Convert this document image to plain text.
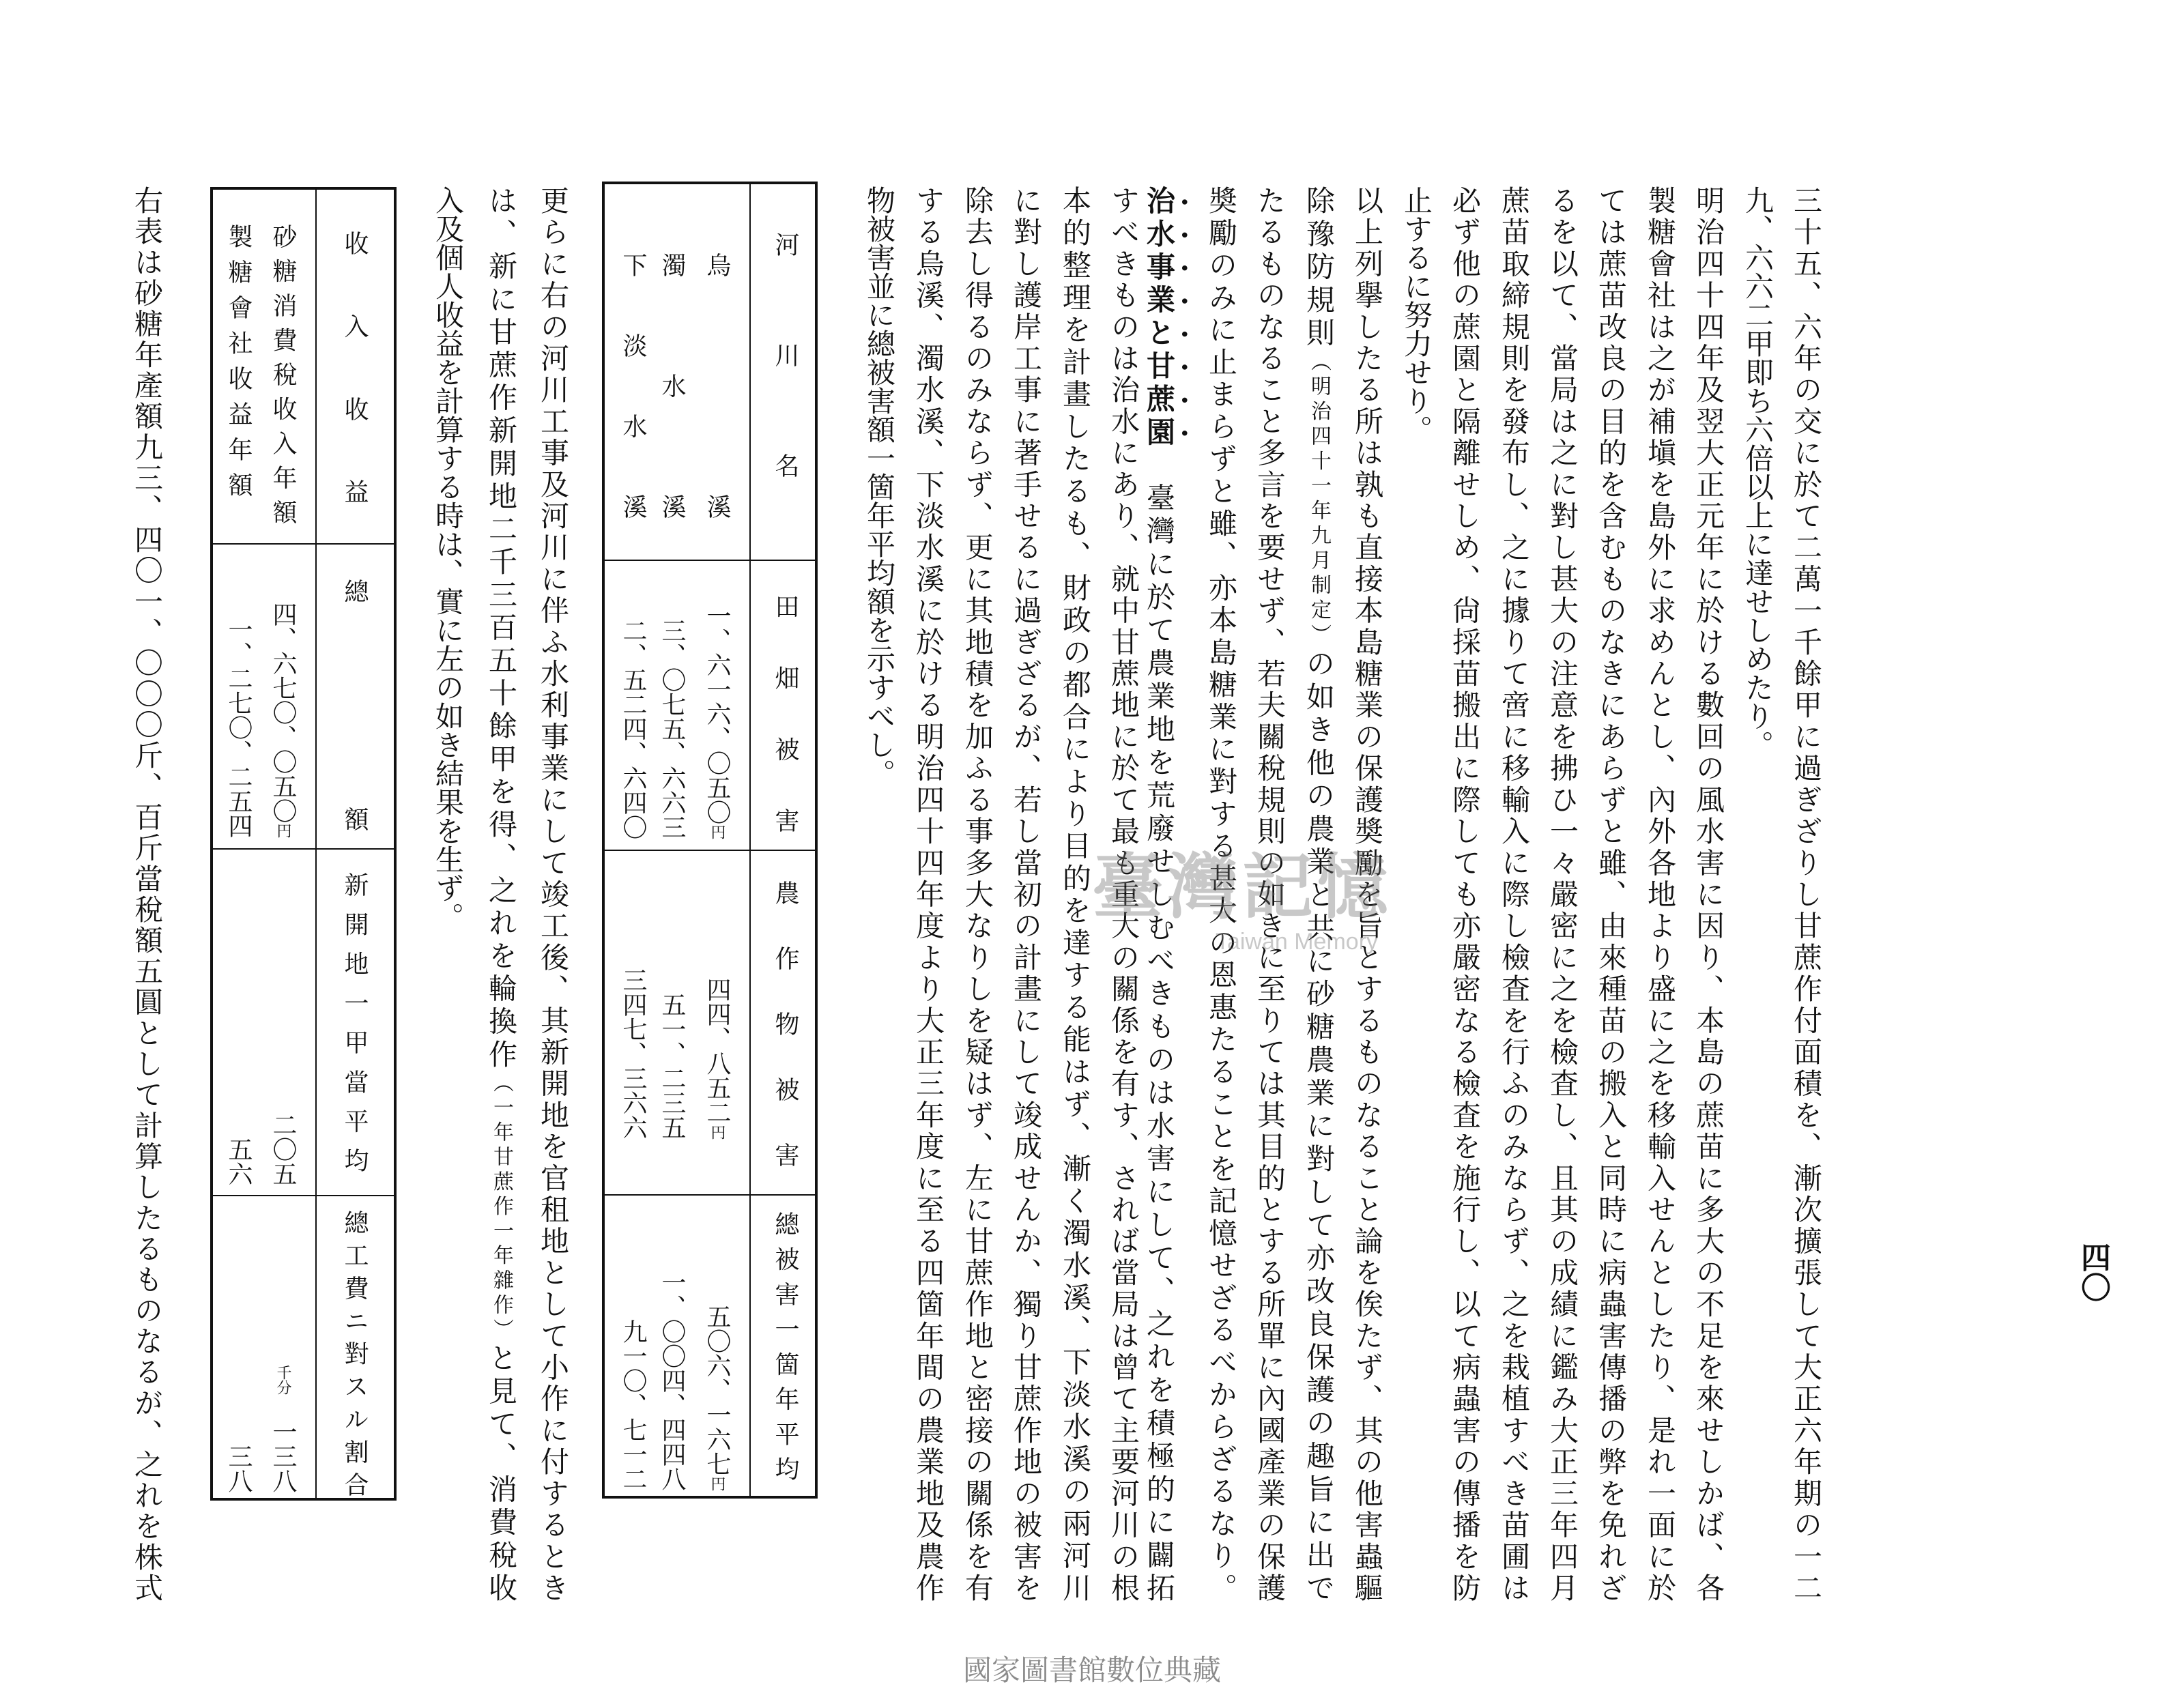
四〇
三十五、六年の交に於て二萬一千餘甲に過ぎざりし甘蔗作付面積を、漸次擴張して大正六年期の一二
九、六六二甲即ち六倍以上に達せしめたり。
明治四十四年及翌大正元年に於ける數回の風水害に因り、本島の蔗苗に多大の不足を來せしかば、各
製糖會社は之が補塡を島外に求めんとし、內外各地より盛に之を移輸入せんとしたり、是れ一面に於
ては蔗苗改良の目的を含むものなきにあらずと雖、由來種苗の搬入と同時に病蟲害傳播の弊を免れざ
るを以て、當局は之に對し甚大の注意を拂ひ一々嚴密に之を檢査し、且其の成績に鑑み大正三年四月
蔗苗取締規則を發布し、之に據りて啻に移輸入に際し檢査を行ふのみならず、之を栽植すべき苗圃は
必ず他の蔗園と隔離せしめ、尙採苗搬出に際しても亦嚴密なる檢査を施行し、以て病蟲害の傳播を防
止するに努力せり。
以上列擧したる所は孰も直接本島糖業の保護奬勵を旨とするものなること論を俟たず、其の他害蟲驅
除豫防規則（明治四十一年九月制定）の如き他の農業と共に砂糖農業に對して亦改良保護の趣旨に出で
たるものなること多言を要せず、若夫關稅規則の如きに至りては其目的とする所單に內國產業の保護
奬勵のみに止まらずと雖、亦本島糖業に對する甚大の恩惠たることを記憶せざるべからざるなり。
治水事業と甘蔗園　臺灣に於て農業地を荒廢せしむべきものは水害にして、之れを積極的に闢拓
すべきものは治水にあり、就中甘蔗地に於て最も重大の關係を有す、されば當局は曾て主要河川の根
本的整理を計畫したるも、財政の都合により目的を達する能はず、漸く濁水溪、下淡水溪の兩河川
に對し護岸工事に著手せるに過ぎざるが、若し當初の計畫にして竣成せんか、獨り甘蔗作地の被害を
除去し得るのみならず、更に其地積を加ふる事多大なりしを疑はず、左に甘蔗作地と密接の關係を有
する烏溪、濁水溪、下淡水溪に於ける明治四十四年度より大正三年度に至る四箇年間の農業地及農作
物被害並に總被害額一箇年平均額を示すべし。
河川名
田畑被害
農作物被害
總被害一箇年平均
烏溪
一、六一六、〇五〇円
四四、八五二円
五〇六、一六七円
濁水溪
三、〇七五、六六三
五一、二三五
一、〇〇四、四四八
下淡水溪
二、五二四、六四〇
三四七、三六六
九一〇、七一二
更らに右の河川工事及河川に伴ふ水利事業にして竣工後、其新開地を官租地として小作に付するとき
は、新に甘蔗作新開地二千三百五十餘甲を得、之れを輪換作（一年甘蔗作一年雜作）と見て、消費稅收
入及個人收益を計算する時は、實に左の如き結果を生ず。
收入收益
總額
新開地一甲當平均
總工費ニ對スル割合
砂糖消費稅收入年額
四、六七〇、〇五〇円
二〇五
千分　一三八
製糖會社收益年額
一、二七〇、二五四
五六
三八
右表は砂糖年產額九三、四〇一、〇〇〇斤、百斤當稅額五圓として計算したるものなるが、之れを株式	臺灣記憶
Taiwan Memory
國家圖書館數位典藏
